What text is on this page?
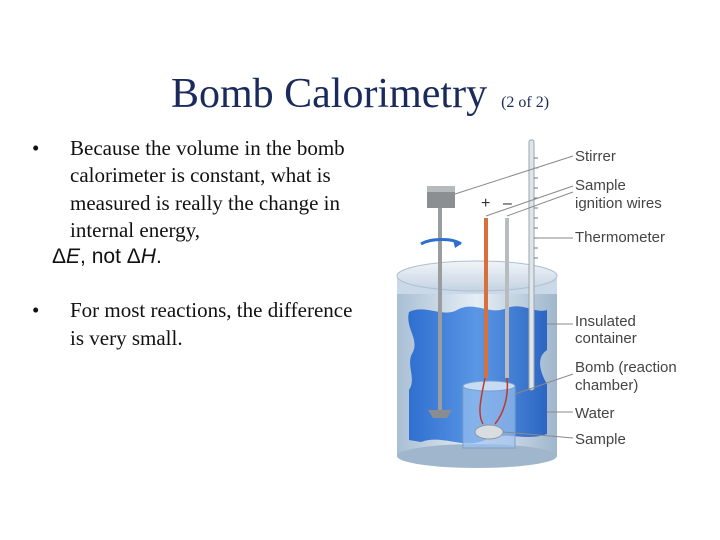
Bomb Calorimetry (2 of 2)
• Because the volume in the bomb calorimeter is constant, what is measured is really the change in internal energy,
ΔE, not ΔH.
• For most reactions, the difference is very small.
+ –
Stirrer
Sample
ignition wires
Thermometer
Insulated
container
Bomb (reaction
chamber)
Water
Sample
